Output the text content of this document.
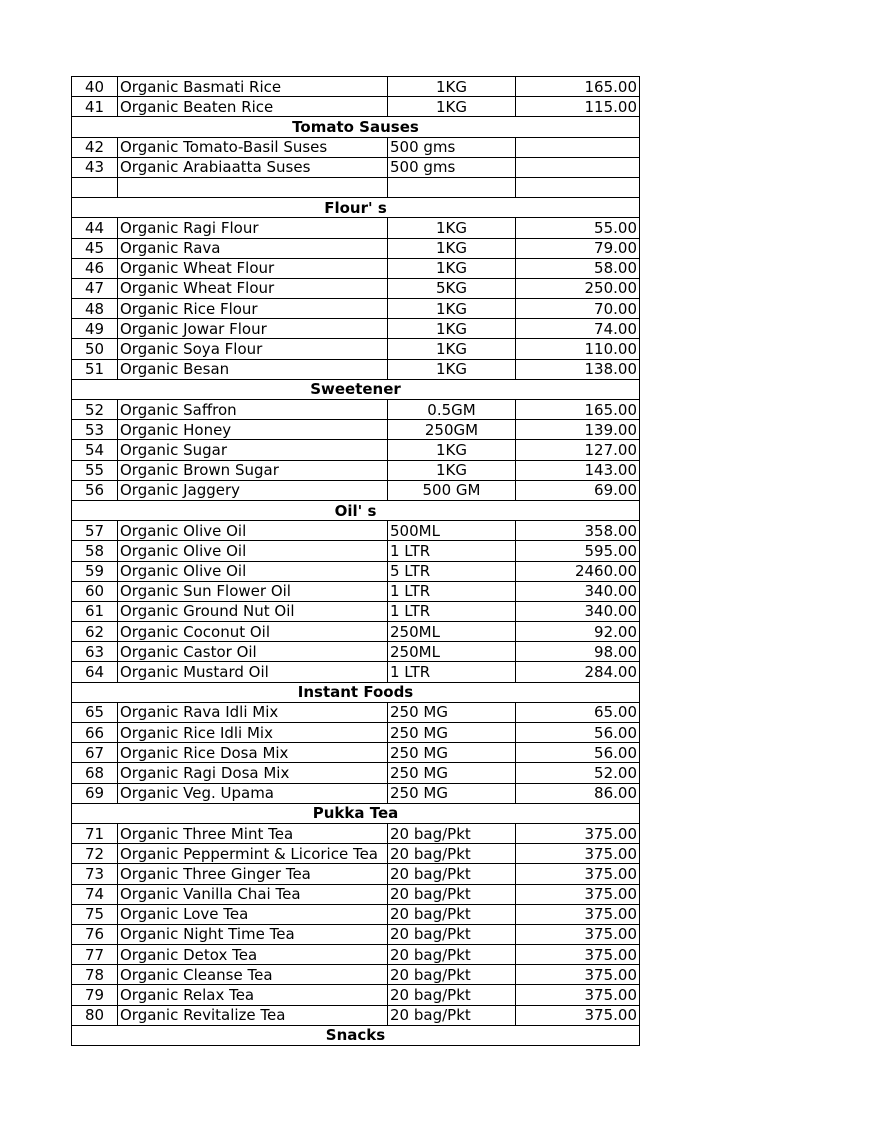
40	Organic Basmati Rice	1KG	165.00
41	Organic Beaten Rice	1KG	115.00
Tomato Sauses			
42	Organic Tomato-Basil Suses	500 gms	
43	Organic Arabiaatta Suses	500 gms	

Flour' s			
44	Organic Ragi Flour	1KG	55.00
45	Organic Rava	1KG	79.00
46	Organic Wheat Flour	1KG	58.00
47	Organic Wheat Flour	5KG	250.00
48	Organic Rice Flour	1KG	70.00
49	Organic Jowar Flour	1KG	74.00
50	Organic Soya Flour	1KG	110.00
51	Organic Besan	1KG	138.00
Sweetener			
52	Organic Saffron	0.5GM	165.00
53	Organic Honey	250GM	139.00
54	Organic Sugar	1KG	127.00
55	Organic Brown Sugar	1KG	143.00
56	Organic Jaggery	500 GM	69.00
Oil' s			
57	Organic Olive Oil	500ML	358.00
58	Organic Olive Oil	1 LTR	595.00
59	Organic Olive Oil	5 LTR	2460.00
60	Organic Sun Flower Oil	1 LTR	340.00
61	Organic Ground Nut Oil	1 LTR	340.00
62	Organic Coconut Oil	250ML	92.00
63	Organic Castor Oil	250ML	98.00
64	Organic Mustard Oil	1 LTR	284.00
Instant Foods			
65	Organic Rava Idli Mix	250 MG	65.00
66	Organic Rice Idli Mix	250 MG	56.00
67	Organic Rice Dosa Mix	250 MG	56.00
68	Organic Ragi Dosa Mix	250 MG	52.00
69	Organic Veg. Upama	250 MG	86.00
Pukka Tea			
71	Organic Three Mint Tea	20 bag/Pkt	375.00
72	Organic Peppermint & Licorice Tea	20 bag/Pkt	375.00
73	Organic Three Ginger Tea	20 bag/Pkt	375.00
74	Organic Vanilla Chai Tea	20 bag/Pkt	375.00
75	Organic Love Tea	20 bag/Pkt	375.00
76	Organic Night Time Tea	20 bag/Pkt	375.00
77	Organic Detox Tea	20 bag/Pkt	375.00
78	Organic Cleanse Tea	20 bag/Pkt	375.00
79	Organic Relax Tea	20 bag/Pkt	375.00
80	Organic Revitalize Tea	20 bag/Pkt	375.00
Snacks			
